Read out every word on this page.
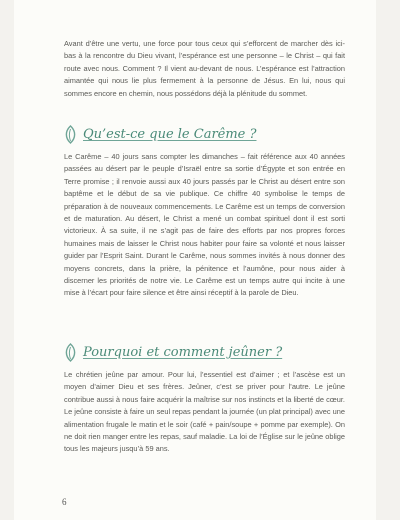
Avant d’être une vertu, une force pour tous ceux qui s’efforcent de marcher dès ici-bas à la rencontre du Dieu vivant, l’espérance est une personne – le Christ – qui fait route avec nous. Comment ? Il vient au-devant de nous. L’espérance est l’attraction aimantée qui nous lie plus fermement à la personne de Jésus. En lui, nous qui sommes encore en chemin, nous possédons déjà la plénitude du sommet.

Qu’est-ce que le Carême ?

Le Carême – 40 jours sans compter les dimanches – fait référence aux 40 années passées au désert par le peuple d’Israël entre sa sortie d’Égypte et son entrée en Terre promise ; il renvoie aussi aux 40 jours passés par le Christ au désert entre son baptême et le début de sa vie publique. Ce chiffre 40 symbolise le temps de préparation à de nouveaux commencements. Le Carême est un temps de conversion et de maturation. Au désert, le Christ a mené un combat spirituel dont il est sorti victorieux. À sa suite, il ne s’agit pas de faire des efforts par nos propres forces humaines mais de laisser le Christ nous habiter pour faire sa volonté et nous laisser guider par l’Esprit Saint. Durant le Carême, nous sommes invités à nous donner des moyens concrets, dans la prière, la pénitence et l’aumône, pour nous aider à discerner les priorités de notre vie. Le Carême est un temps autre qui incite à une mise à l’écart pour faire silence et être ainsi réceptif à la parole de Dieu.

Pourquoi et comment jeûner ?

Le chrétien jeûne par amour. Pour lui, l’essentiel est d’aimer ; et l’ascèse est un moyen d’aimer Dieu et ses frères. Jeûner, c’est se priver pour l’autre. Le jeûne contribue aussi à nous faire acquérir la maîtrise sur nos instincts et la liberté de cœur. Le jeûne consiste à faire un seul repas pendant la journée (un plat principal) avec une alimentation frugale le matin et le soir (café + pain/soupe + pomme par exemple). On ne doit rien manger entre les repas, sauf maladie. La loi de l’Église sur le jeûne oblige tous les majeurs jusqu’à 59 ans.

6
